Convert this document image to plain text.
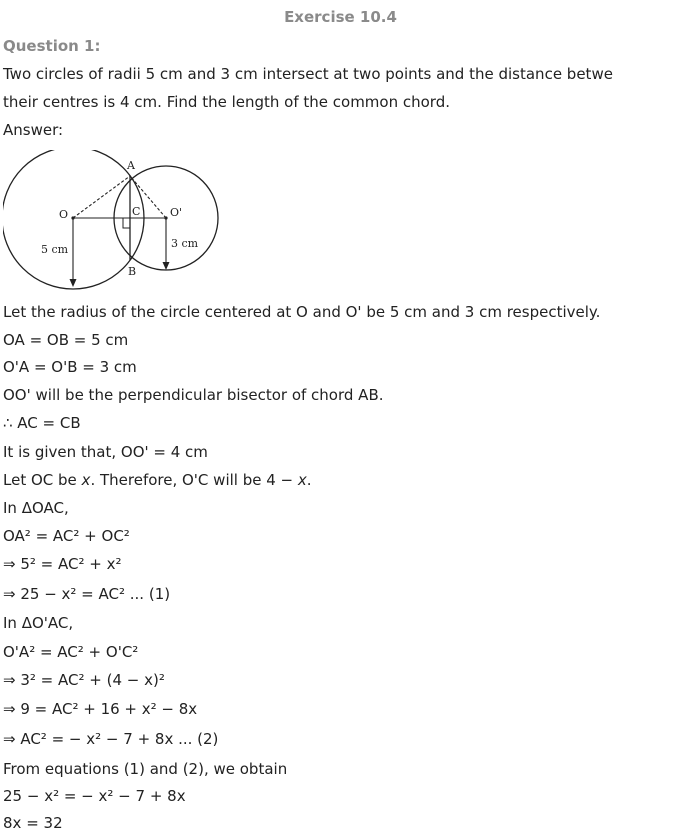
Exercise 10.4
Question 1:
Two circles of radii 5 cm and 3 cm intersect at two points and the distance betwe
their centres is 4 cm. Find the length of the common chord.
Answer:
A
B
C
O	O'
5 cm	3 cm
Let the radius of the circle centered at O and O' be 5 cm and 3 cm respectively.
OA = OB = 5 cm
O'A = O'B = 3 cm
OO' will be the perpendicular bisector of chord AB.
∴ AC = CB
It is given that, OO' = 4 cm
Let OC be x. Therefore, O'C will be 4 − x.
In ΔOAC,
OA² = AC² + OC²
⇒ 5² = AC² + x²
⇒ 25 − x² = AC² ... (1)
In ΔO'AC,
O'A² = AC² + O'C²
⇒ 3² = AC² + (4 − x)²
⇒ 9 = AC² + 16 + x² − 8x
⇒ AC² = − x² − 7 + 8x ... (2)
From equations (1) and (2), we obtain
25 − x² = − x² − 7 + 8x
8x = 32
